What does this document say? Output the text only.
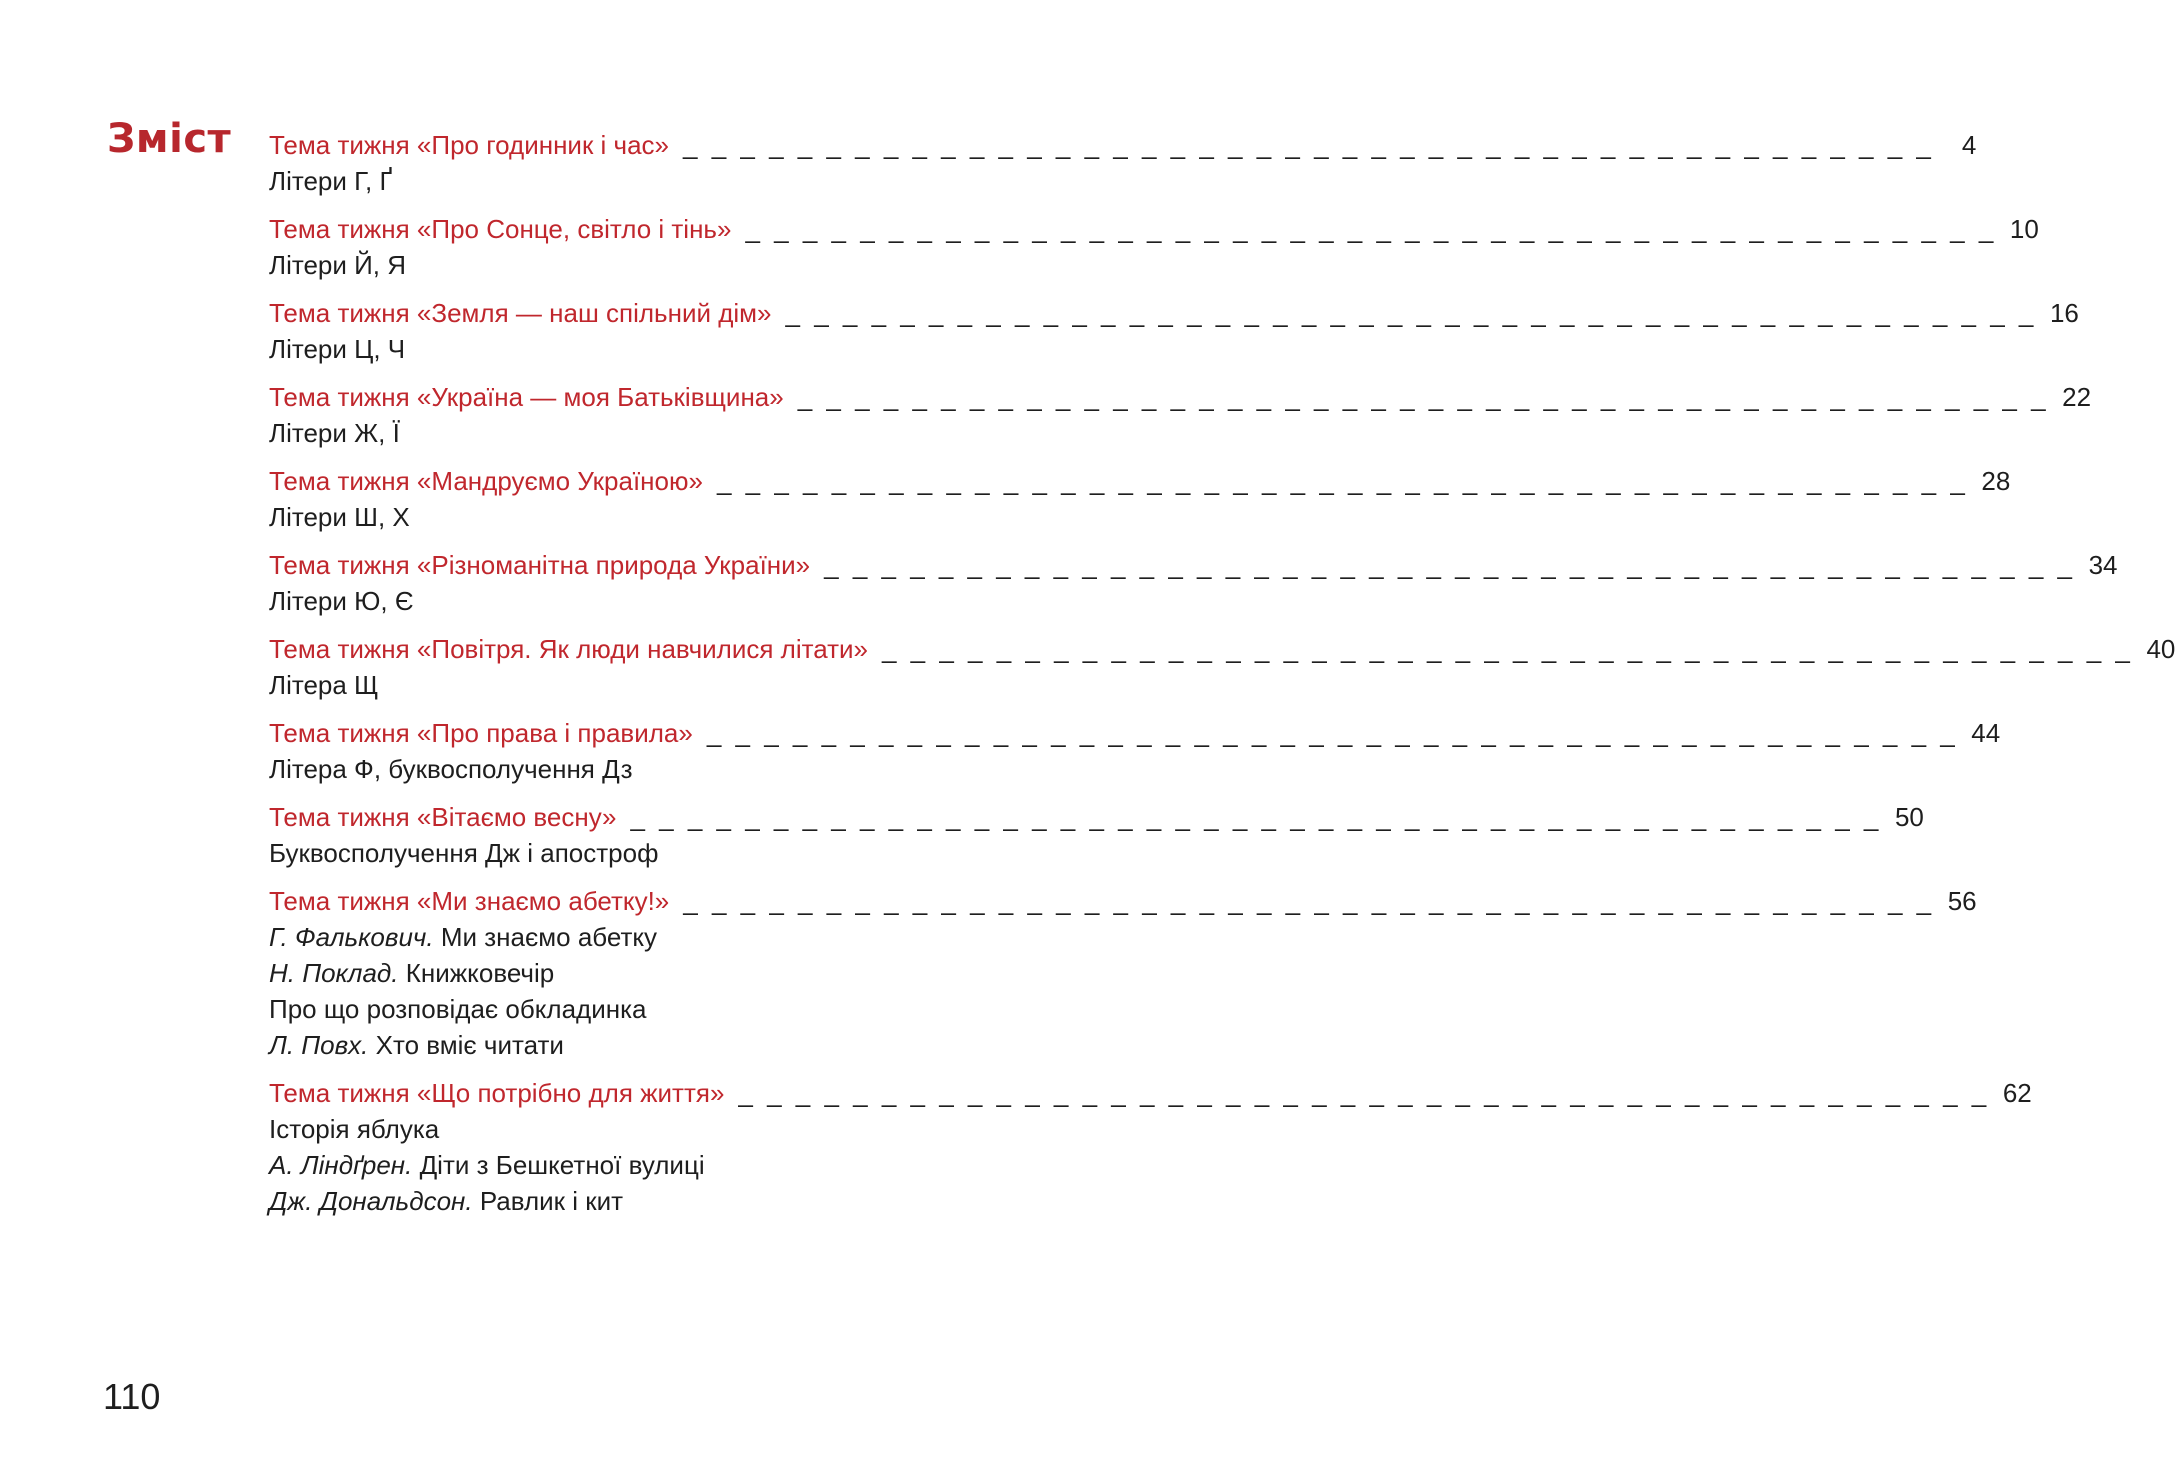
Зміст Тема тижня «Про годинник і час» _ _ _ _ _ _ _ _ _ _ _ _ _ _ _ _ _ _ _ _ _ _ _ _ _ _ _ _ _ _ _ _ _ _ _ _ _ _ _ _ _ _ _ _	4
Літери Г, Ґ
Тема тижня «Про Сонце, світло і тінь» _ _ _ _ _ _ _ _ _ _ _ _ _ _ _ _ _ _ _ _ _ _ _ _ _ _ _ _ _ _ _ _ _ _ _ _ _ _ _ _ _ _ _ _ 10
Літери Й, Я
Тема тижня «Земля — наш спільний дім» _ _ _ _ _ _ _ _ _ _ _ _ _ _ _ _ _ _ _ _ _ _ _ _ _ _ _ _ _ _ _ _ _ _ _ _ _ _ _ _ _ _ _ _ 16
Літери Ц, Ч
Тема тижня «Україна — моя Батьківщина» _ _ _ _ _ _ _ _ _ _ _ _ _ _ _ _ _ _ _ _ _ _ _ _ _ _ _ _ _ _ _ _ _ _ _ _ _ _ _ _ _ _ _ _ 22
Літери Ж, Ї
Тема тижня «Мандруємо Україною» _ _ _ _ _ _ _ _ _ _ _ _ _ _ _ _ _ _ _ _ _ _ _ _ _ _ _ _ _ _ _ _ _ _ _ _ _ _ _ _ _ _ _ _ 28
Літери Ш, Х
Тема тижня «Різноманітна природа України» _ _ _ _ _ _ _ _ _ _ _ _ _ _ _ _ _ _ _ _ _ _ _ _ _ _ _ _ _ _ _ _ _ _ _ _ _ _ _ _ _ _ _ _ 34
Літери Ю, Є
Тема тижня «Повітря. Як люди навчилися літати» _ _ _ _ _ _ _ _ _ _ _ _ _ _ _ _ _ _ _ _ _ _ _ _ _ _ _ _ _ _ _ _ _ _ _ _ _ _ _ _ _ _ _ _ 40
Літера Щ
Тема тижня «Про права і правила» _ _ _ _ _ _ _ _ _ _ _ _ _ _ _ _ _ _ _ _ _ _ _ _ _ _ _ _ _ _ _ _ _ _ _ _ _ _ _ _ _ _ _ _ 44
Літера Ф, буквосполучення Дз
Тема тижня «Вітаємо весну» _ _ _ _ _ _ _ _ _ _ _ _ _ _ _ _ _ _ _ _ _ _ _ _ _ _ _ _ _ _ _ _ _ _ _ _ _ _ _ _ _ _ _ _ 50
Буквосполучення Дж і апостроф
Тема тижня «Ми знаємо абетку!» _ _ _ _ _ _ _ _ _ _ _ _ _ _ _ _ _ _ _ _ _ _ _ _ _ _ _ _ _ _ _ _ _ _ _ _ _ _ _ _ _ _ _ _ 56
Г. Фалькович. Ми знаємо абетку
Н. Поклад. Книжковечір
Про що розповідає обкладинка
Л. Повх. Хто вміє читати
Тема тижня «Що потрібно для життя» _ _ _ _ _ _ _ _ _ _ _ _ _ _ _ _ _ _ _ _ _ _ _ _ _ _ _ _ _ _ _ _ _ _ _ _ _ _ _ _ _ _ _ _ 62
Історія яблука
А. Ліндґрен. Діти з Бешкетної вулиці
Дж. Дональдсон. Равлик і кит

110
